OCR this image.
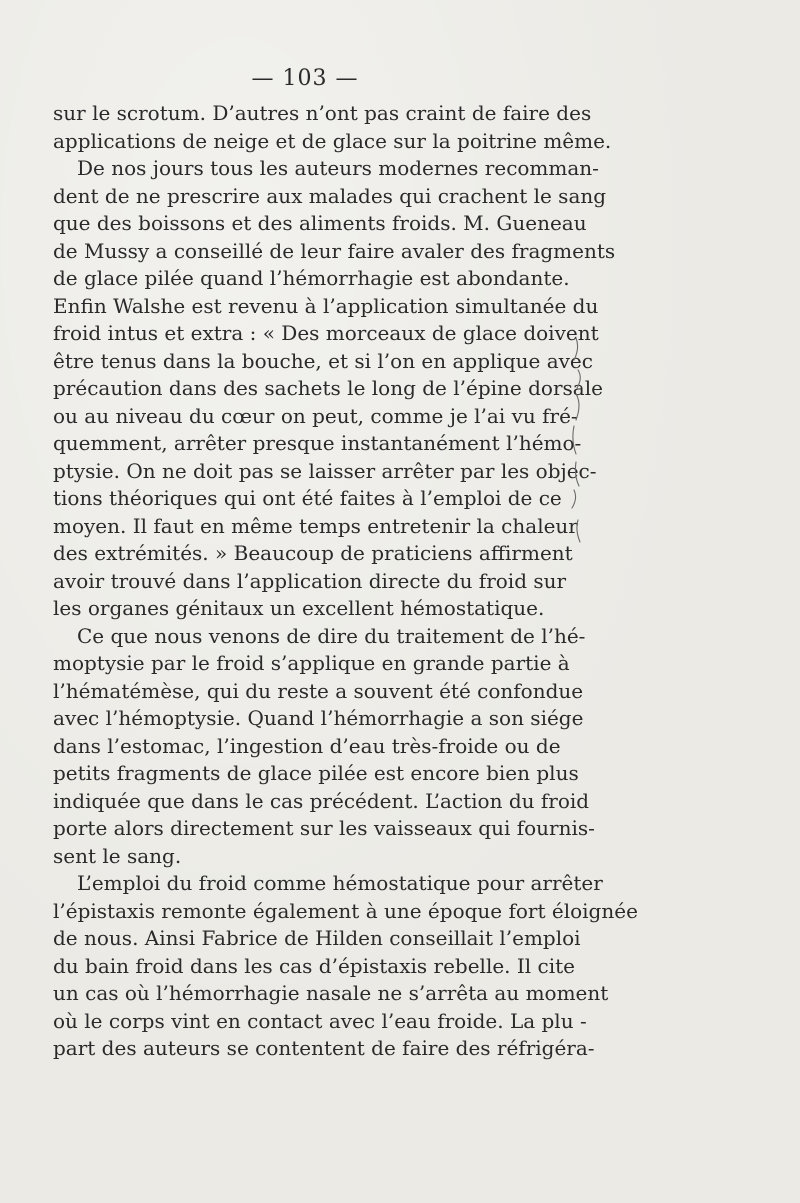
— 103 —
sur le scrotum. D’autres n’ont pas craint de faire des
applications de neige et de glace sur la poitrine même.
De nos jours tous les auteurs modernes recomman-
dent de ne prescrire aux malades qui crachent le sang
que des boissons et des aliments froids. M. Gueneau
de Mussy a conseillé de leur faire avaler des fragments
de glace pilée quand l’hémorrhagie est abondante.
Enfin Walshe est revenu à l’application simultanée du
froid intus et extra : « Des morceaux de glace doivent
être tenus dans la bouche, et si l’on en applique avec
précaution dans des sachets le long de l’épine dorsale
ou au niveau du cœur on peut, comme je l’ai vu fré-
quemment, arrêter presque instantanément l’hémo-
ptysie. On ne doit pas se laisser arrêter par les objec-
tions théoriques qui ont été faites à l’emploi de ce
moyen. Il faut en même temps entretenir la chaleur
des extrémités. » Beaucoup de praticiens affirment
avoir trouvé dans l’application directe du froid sur
les organes génitaux un excellent hémostatique.
Ce que nous venons de dire du traitement de l’hé-
moptysie par le froid s’applique en grande partie à
l’hématémèse, qui du reste a souvent été confondue
avec l’hémoptysie. Quand l’hémorrhagie a son siége
dans l’estomac, l’ingestion d’eau très-froide ou de
petits fragments de glace pilée est encore bien plus
indiquée que dans le cas précédent. L’action du froid
porte alors directement sur les vaisseaux qui fournis-
sent le sang.
L’emploi du froid comme hémostatique pour arrêter
l’épistaxis remonte également à une époque fort éloignée
de nous. Ainsi Fabrice de Hilden conseillait l’emploi
du bain froid dans les cas d’épistaxis rebelle. Il cite
un cas où l’hémorrhagie nasale ne s’arrêta au moment
où le corps vint en contact avec l’eau froide. La plu -
part des auteurs se contentent de faire des réfrigéra-
